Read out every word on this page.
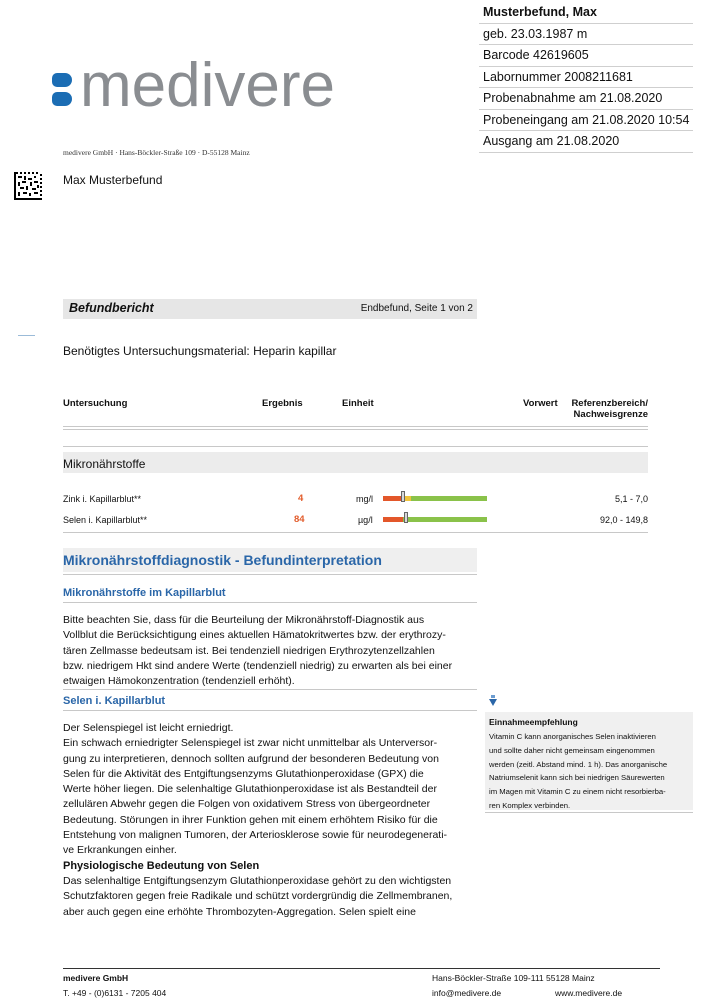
Musterbefund, Max
geb. 23.03.1987 m
Barcode 42619605
Labornummer 2008211681
Probenabnahme am 21.08.2020
Probeneingang am 21.08.2020 10:54
Ausgang am 21.08.2020
medivere
medivere GmbH · Hans-Böckler-Straße 109 · D-55128 Mainz
Max Musterbefund
Befundbericht	Endbefund, Seite 1 von 2
Benötigtes Untersuchungsmaterial: Heparin kapillar
Untersuchung	Ergebnis	Einheit	Vorwert Referenzbereich/
Nachweisgrenze
Mikronährstoffe
Zink i. Kapillarblut**	4	mg/l	5,1 - 7,0
Selen i. Kapillarblut**	84	µg/l	92,0 - 149,8
Mikronährstoffdiagnostik - Befundinterpretation
Mikronährstoffe im Kapillarblut
Bitte beachten Sie, dass für die Beurteilung der Mikronährstoff-Diagnostik aus
Vollblut die Berücksichtigung eines aktuellen Hämatokritwertes bzw. der erythrozy-
tären Zellmasse bedeutsam ist. Bei tendenziell niedrigen Erythrozytenzellzahlen
bzw. niedrigem Hkt sind andere Werte (tendenziell niedrig) zu erwarten als bei einer
etwaigen Hämokonzentration (tendenziell erhöht).
Selen i. Kapillarblut
Der Selenspiegel ist leicht erniedrigt.
Ein schwach erniedrigter Selenspiegel ist zwar nicht unmittelbar als Unterversor-
gung zu interpretieren, dennoch sollten aufgrund der besonderen Bedeutung von
Selen für die Aktivität des Entgiftungsenzyms Glutathionperoxidase (GPX) die
Werte höher liegen. Die selenhaltige Glutathionperoxidase ist als Bestandteil der
zellulären Abwehr gegen die Folgen von oxidativem Stress von übergeordneter
Bedeutung. Störungen in ihrer Funktion gehen mit einem erhöhtem Risiko für die
Entstehung von malignen Tumoren, der Arteriosklerose sowie für neurodegenerati-
ve Erkrankungen einher.
Physiologische Bedeutung von Selen
Das selenhaltige Entgiftungsenzym Glutathionperoxidase gehört zu den wichtigsten
Schutzfaktoren gegen freie Radikale und schützt vordergründig die Zellmembranen,
aber auch gegen eine erhöhte Thrombozyten-Aggregation. Selen spielt eine
Einnahmeempfehlung
Vitamin C kann anorganisches Selen inaktivieren
und sollte daher nicht gemeinsam eingenommen
werden (zeitl. Abstand mind. 1 h). Das anorganische
Natriumselenit kann sich bei niedrigen Säurewerten
im Magen mit Vitamin C zu einem nicht resorbierba-
ren Komplex verbinden.
medivere GmbH
T. +49 - (0)6131 - 7205 404
Hans-Böckler-Straße 109-111 55128 Mainz
info@medivere.de	www.medivere.de
